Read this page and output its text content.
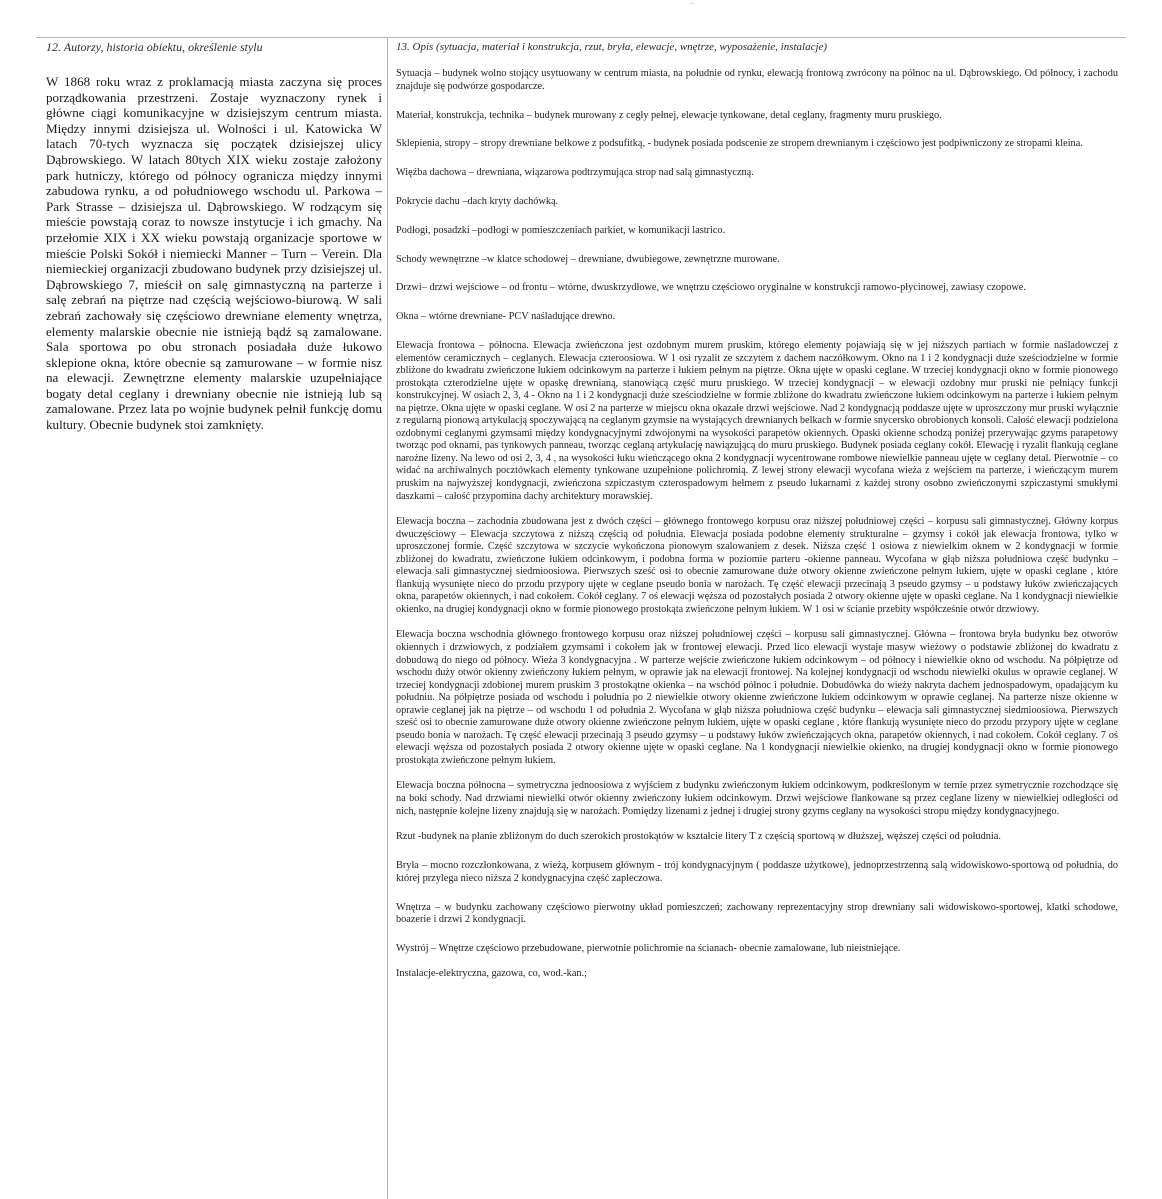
~

12. Autorzy, historia obiektu, określenie stylu

W 1868 roku wraz z proklamacją miasta zaczyna się proces porządkowania przestrzeni. Zostaje wyznaczony rynek i główne ciągi komunikacyjne w dzisiejszym centrum miasta. Między innymi dzisiejsza ul. Wolności i ul. Katowicka W latach 70-tych wyznacza się początek dzisiejszej ulicy Dąbrowskiego. W latach 80tych XIX wieku zostaje założony park hutniczy, którego od północy ogranicza między innymi zabudowa rynku, a od południowego wschodu ul. Parkowa – Park Strasse – dzisiejsza ul. Dąbrowskiego. W rodzącym się mieście powstają coraz to nowsze instytucje i ich gmachy. Na przełomie XIX i XX wieku powstają organizacje sportowe w mieście Polski Sokół i niemiecki Manner – Turn – Verein. Dla niemieckiej organizacji zbudowano budynek przy dzisiejszej ul. Dąbrowskiego 7, mieścił on salę gimnastyczną na parterze i salę zebrań na piętrze nad częścią wejściowo-biurową. W sali zebrań zachowały się częściowo drewniane elementy wnętrza, elementy malarskie obecnie nie istnieją bądź są zamalowane. Sala sportowa po obu stronach posiadała duże łukowo sklepione okna, które obecnie są zamurowane – w formie nisz na elewacji. Zewnętrzne elementy malarskie uzupełniające bogaty detal ceglany i drewniany obecnie nie istnieją lub są zamalowane. Przez lata po wojnie budynek pełnił funkcję domu kultury. Obecnie budynek stoi zamknięty.

13. Opis (sytuacja, materiał i konstrukcja, rzut, bryła, elewacje, wnętrze, wyposażenie, instalacje)

Sytuacja – budynek wolno stojący usytuowany w centrum miasta, na południe od rynku, elewacją frontową zwrócony na północ na ul. Dąbrowskiego. Od północy, i zachodu znajduje się podwórze gospodarcze.

Materiał, konstrukcja, technika – budynek murowany z cegły pełnej, elewacje tynkowane, detal ceglany, fragmenty muru pruskiego.

Sklepienia, stropy – stropy drewniane belkowe z podsufitką, - budynek posiada podscenie ze stropem drewnianym i częściowo jest podpiwniczony ze stropami kleina.

Więźba dachowa – drewniana, wiązarowa podtrzymująca strop nad salą gimnastyczną.

Pokrycie dachu –dach kryty dachówką.

Podłogi, posadzki –podłogi w pomieszczeniach parkiet, w komunikacji lastrico.

Schody wewnętrzne –w klatce schodowej – drewniane, dwubiegowe, zewnętrzne murowane.

Drzwi– drzwi wejściowe – od frontu – wtórne, dwuskrzydłowe, we wnętrzu częściowo oryginalne w konstrukcji ramowo-płycinowej, zawiasy czopowe.

Okna – wtórne drewniane- PCV naśladujące drewno.

Elewacja frontowa – północna. Elewacja zwieńczona jest ozdobnym murem pruskim, którego elementy pojawiają się w jej niższych partiach w formie naśladowczej z elementów ceramicznych – ceglanych. Elewacja czteroosiowa. W 1 osi ryzalit ze szczytem z dachem naczółkowym. Okno na 1 i 2 kondygnacji duże sześciodzielne w formie zbliżone do kwadratu zwieńczone łukiem odcinkowym na parterze i łukiem pełnym na piętrze. Okna ujęte w opaski ceglane. W trzeciej kondygnacji okno w formie pionowego prostokąta czterodzielne ujęte w opaskę drewnianą, stanowiącą część muru pruskiego. W trzeciej kondygnacji – w elewacji ozdobny mur pruski nie pełniący funkcji konstrukcyjnej. W osiach 2, 3, 4 - Okno na 1 i 2 kondygnacji duże sześciodzielne w formie zbliżone do kwadratu zwieńczone łukiem odcinkowym na parterze i łukiem pełnym na piętrze. Okna ujęte w opaski ceglane. W osi 2 na parterze w miejscu okna okazałe drzwi wejściowe. Nad 2 kondygnacją poddasze ujęte w uproszczony mur pruski wyłącznie z regularną pionową artykulacją spoczywającą na ceglanym gzymsie na wystających drewnianych belkach w formie snycersko obrobionych konsoli. Całość elewacji podzielona ozdobnymi ceglanymi gzymsami między kondygnacyjnymi zdwojonymi na wysokości parapetów okiennych. Opaski okienne schodzą poniżej przerywając gzyms parapetowy tworząc pod oknami, pas tynkowych panneau, tworząc ceglaną artykulację nawiązującą do muru pruskiego. Budynek posiada ceglany cokół. Elewację i ryzalit flankują ceglane narożne lizeny. Na lewo od osi 2, 3, 4 , na wysokości łuku wieńczącego okna 2 kondygnacji wycentrowane rombowe niewielkie panneau ujęte w ceglany detal. Pierwotnie – co widać na archiwalnych pocztówkach elementy tynkowane uzupełnione polichromią. Z lewej strony elewacji wycofana wieża z wejściem na parterze, i wieńczącym murem pruskim na najwyższej kondygnacji, zwieńczona szpiczastym czterospadowym hełmem z pseudo lukarnami z każdej strony osobno zwieńczonymi szpiczastymi smukłymi daszkami – całość przypomina dachy architektury morawskiej.

Elewacja boczna – zachodnia zbudowana jest z dwóch części – głównego frontowego korpusu oraz niższej południowej części – korpusu sali gimnastycznej. Główny korpus dwuczęściowy – Elewacja szczytowa z niższą częścią od południa. Elewacja posiada podobne elementy strukturalne – gzymsy i cokół jak elewacja frontowa, tylko w uproszczonej formie. Część szczytowa w szczycie wykończona pionowym szalowaniem z desek. Niższa część 1 osiowa z niewielkim oknem w 2 kondygnacji w formie zbliżonej do kwadratu, zwieńczone łukiem odcinkowym, i podobna forma w poziomie parteru -okienne panneau. Wycofana w głąb niższa południowa część budynku – elewacja sali gimnastycznej siedmioosiowa. Pierwszych sześć osi to obecnie zamurowane duże otwory okienne zwieńczone pełnym łukiem, ujęte w opaski ceglane , które flankują wysunięte nieco do przodu przypory ujęte w ceglane pseudo bonia w narożach. Tę część elewacji przecinają 3 pseudo gzymsy – u podstawy łuków zwieńczających okna, parapetów okiennych, i nad cokołem. Cokół ceglany. 7 oś elewacji węższa od pozostałych posiada 2 otwory okienne ujęte w opaski ceglane. Na 1 kondygnacji niewielkie okienko, na drugiej kondygnacji okno w formie pionowego prostokąta zwieńczone pełnym łukiem. W 1 osi w ścianie przebity współcześnie otwór drzwiowy.

Elewacja boczna wschodnia głównego frontowego korpusu oraz niższej południowej części – korpusu sali gimnastycznej. Główna – frontowa bryła budynku bez otworów okiennych i drzwiowych, z podziałem gzymsami i cokołem jak w frontowej elewacji. Przed lico elewacji wystaje masyw wieżowy o podstawie zbliżonej do kwadratu z dobudową do niego od północy. Wieża 3 kondygnacyjna . W parterze wejście zwieńczone łukiem odcinkowym – od północy i niewielkie okno od wschodu. Na półpiętrze od wschodu duży otwór okienny zwieńczony łukiem pełnym, w oprawie jak na elewacji frontowej. Na kolejnej kondygnacji od wschodu niewielki okulus w oprawie ceglanej. W trzeciej kondygnacji zdobionej murem pruskim 3 prostokątne okienka – na wschód północ i południe. Dobudówka do wieży nakryta dachem jednospadowym, opadającym ku południu. Na półpiętrze posiada od wschodu i południa po 2 niewielkie otwory okienne zwieńczone łukiem odcinkowym w oprawie ceglanej. Na parterze nisze okienne w oprawie ceglanej jak na piętrze – od wschodu 1 od południa 2. Wycofana w głąb niższa południowa część budynku – elewacja sali gimnastycznej siedmioosiowa. Pierwszych sześć osi to obecnie zamurowane duże otwory okienne zwieńczone pełnym łukiem, ujęte w opaski ceglane , które flankują wysunięte nieco do przodu przypory ujęte w ceglane pseudo bonia w narożach. Tę część elewacji przecinają 3 pseudo gzymsy – u podstawy łuków zwieńczających okna, parapetów okiennych, i nad cokołem. Cokół ceglany. 7 oś elewacji węższa od pozostałych posiada 2 otwory okienne ujęte w opaski ceglane. Na 1 kondygnacji niewielkie okienko, na drugiej kondygnacji okno w formie pionowego prostokąta zwieńczone pełnym łukiem.

Elewacja boczna północna – symetryczna jednoosiowa z wyjściem z budynku zwieńczonym łukiem odcinkowym, podkreślonym w ternie przez symetrycznie rozchodzące się na boki schody. Nad drzwiami niewielki otwór okienny zwieńczony łukiem odcinkowym. Drzwi wejściowe flankowane są przez ceglane lizeny w niewielkiej odległości od nich, następnie kolejne lizeny znajdują się w narożach. Pomiędzy lizenami z jednej i drugiej strony gzyms ceglany na wysokości stropu między kondygnacyjnego.

Rzut -budynek na planie zbliżonym do duch szerokich prostokątów w kształcie litery T z częścią sportową w dłuższej, węższej części od południa.

Bryła – mocno rozczłonkowana, z wieżą, korpusem głównym - trój kondygnacyjnym ( poddasze użytkowe), jednoprzestrzenną salą widowiskowo-sportową od południa, do której przylega nieco niższa 2 kondygnacyjna część zapleczowa.

Wnętrza – w budynku zachowany częściowo pierwotny układ pomieszczeń; zachowany reprezentacyjny strop drewniany sali widowiskowo-sportowej, klatki schodowe, boazerie i drzwi 2 kondygnacji.

Wystrój – Wnętrze częściowo przebudowane, pierwotnie polichromie na ścianach- obecnie zamalowane, lub nieistniejące.

Instalacje-elektryczna, gazowa, co, wod.-kan.;
